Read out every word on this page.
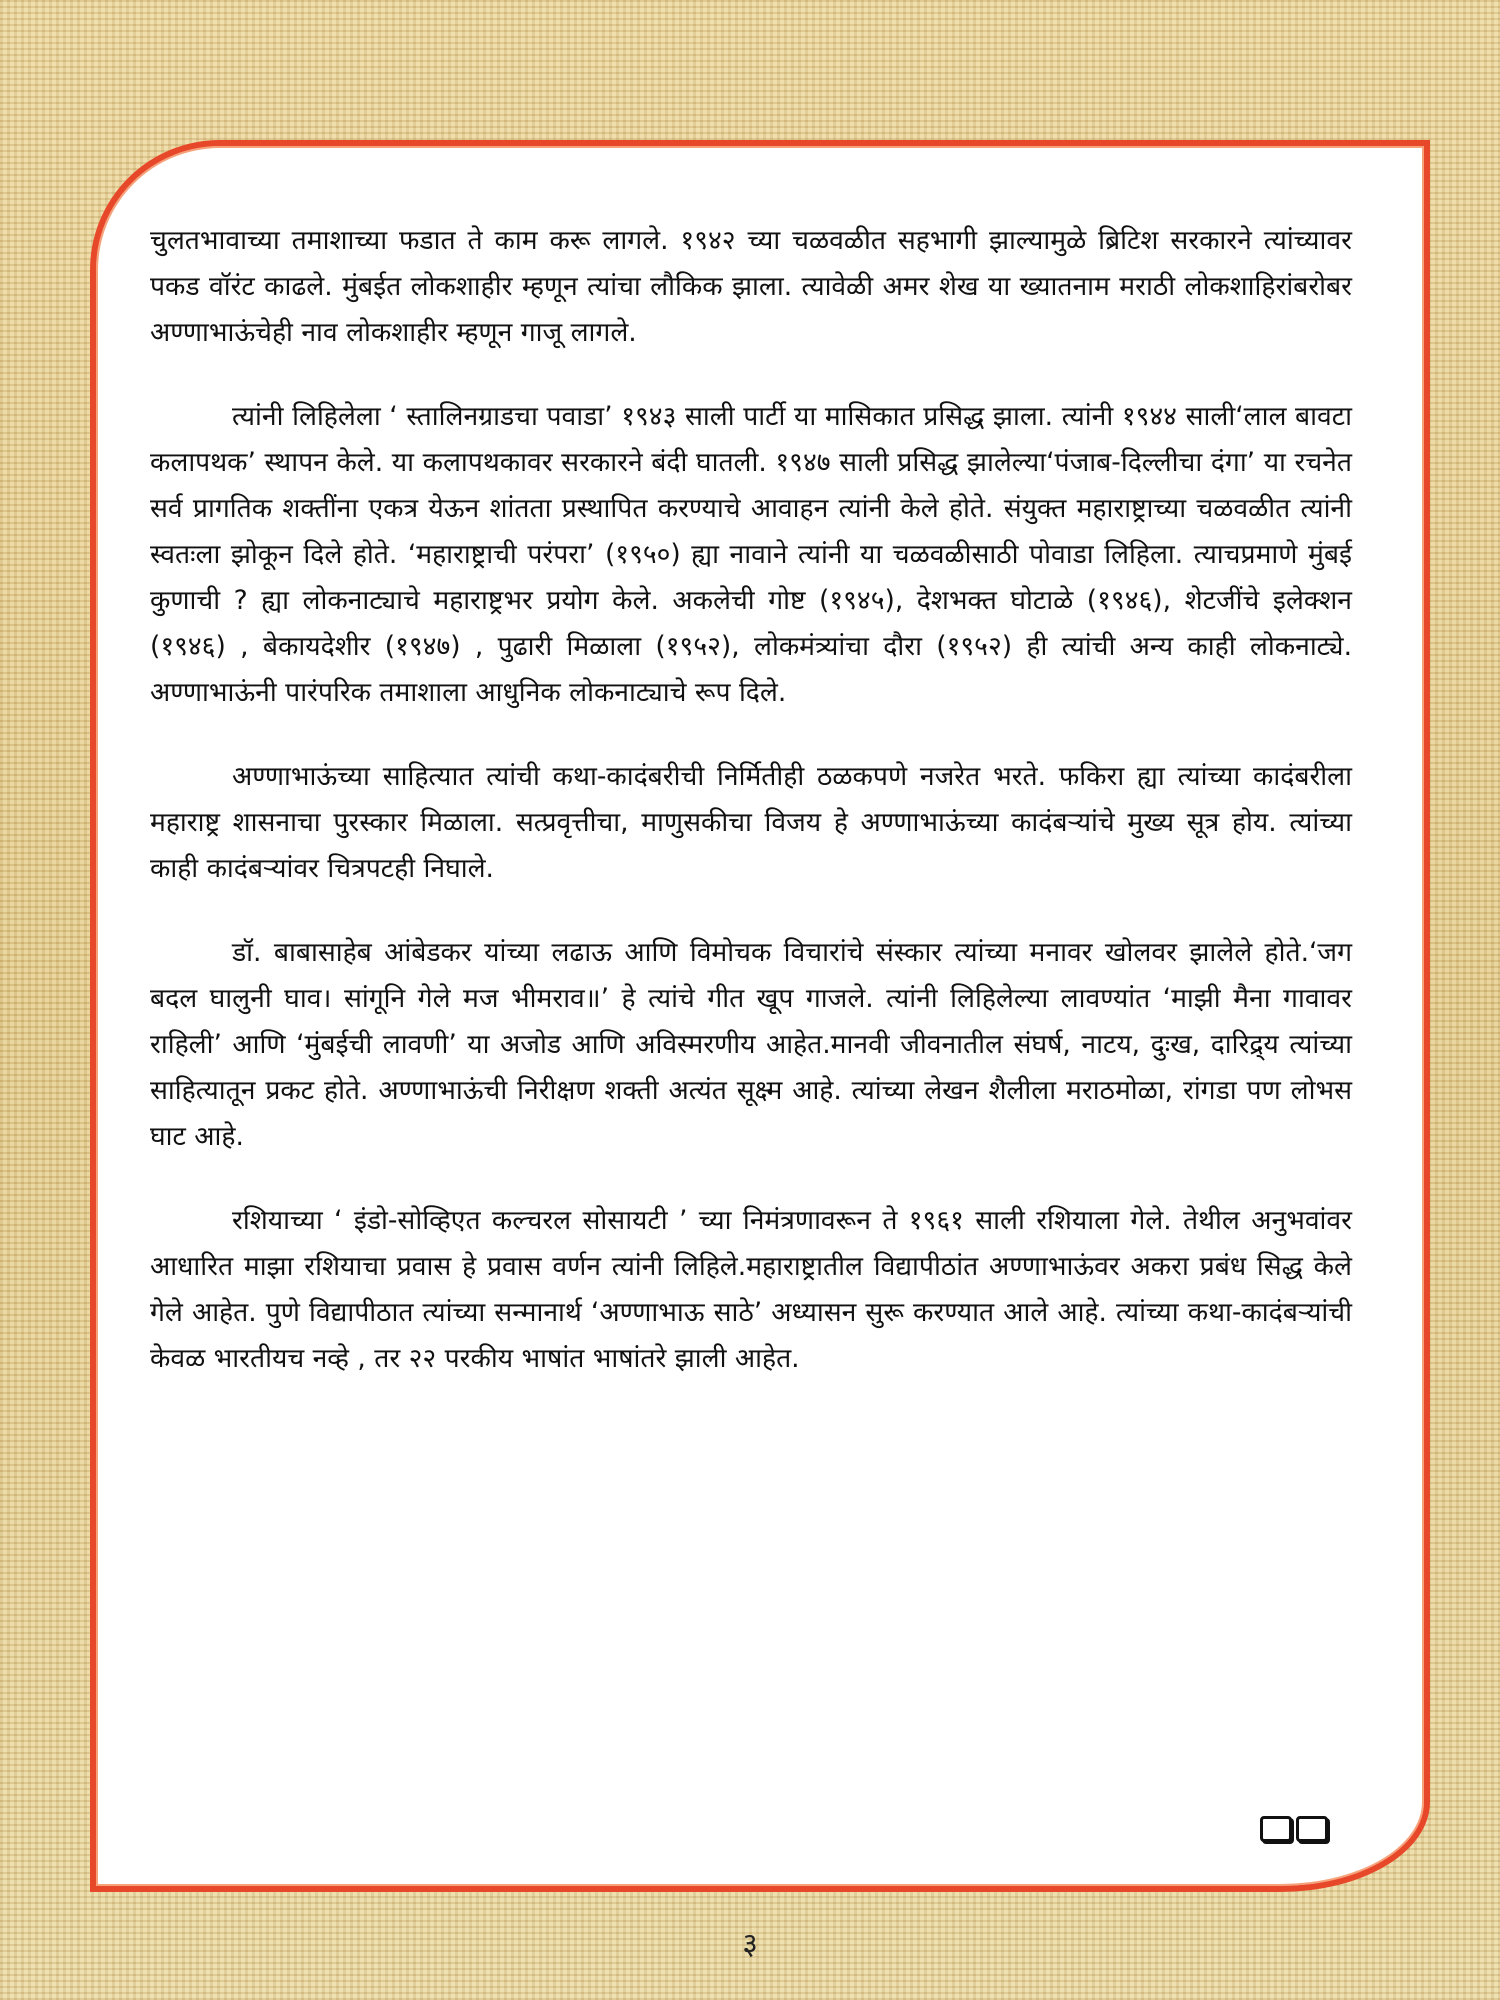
चुलतभावाच्या तमाशाच्या फडात ते काम करू लागले. १९४२ च्या चळवळीत सहभागी झाल्यामुळे ब्रिटिश सरकारने त्यांच्यावर पकड वॉरंट काढले. मुंबईत लोकशाहीर म्हणून त्यांचा लौकिक झाला. त्यावेळी अमर शेख या ख्यातनाम मराठी लोकशाहिरांबरोबर अण्णाभाऊंचेही नाव लोकशाहीर म्हणून गाजू लागले.

त्यांनी लिहिलेला ‘ स्तालिनग्राडचा पवाडा’ १९४३ साली पार्टी या मासिकात प्रसिद्ध झाला. त्यांनी १९४४ साली‘लाल बावटा कलापथक’ स्थापन केले. या कलापथकावर सरकारने बंदी घातली. १९४७ साली प्रसिद्ध झालेल्या‘पंजाब-दिल्लीचा दंगा’ या रचनेत सर्व प्रागतिक शक्तींना एकत्र येऊन शांतता प्रस्थापित करण्याचे आवाहन त्यांनी केले होते. संयुक्त महाराष्ट्राच्या चळवळीत त्यांनी स्वतःला झोकून दिले होते. ‘महाराष्ट्राची परंपरा’ (१९५०) ह्या नावाने त्यांनी या चळवळीसाठी पोवाडा लिहिला. त्याचप्रमाणे मुंबई कुणाची ? ह्या लोकनाट्याचे महाराष्ट्रभर प्रयोग केले. अकलेची गोष्ट (१९४५), देशभक्त घोटाळे (१९४६), शेटजींचे इलेक्शन (१९४६) , बेकायदेशीर (१९४७) , पुढारी मिळाला (१९५२), लोकमंत्र्यांचा दौरा (१९५२) ही त्यांची अन्य काही लोकनाट्ये. अण्णाभाऊंनी पारंपरिक तमाशाला आधुनिक लोकनाट्याचे रूप दिले.

अण्णाभाऊंच्या साहित्यात त्यांची कथा-कादंबरीची निर्मितीही ठळकपणे नजरेत भरते. फकिरा ह्या त्यांच्या कादंबरीला महाराष्ट्र शासनाचा पुरस्कार मिळाला. सत्प्रवृत्तीचा, माणुसकीचा विजय हे अण्णाभाऊंच्या कादंबऱ्यांचे मुख्य सूत्र होय. त्यांच्या काही कादंबऱ्यांवर चित्रपटही निघाले.

डॉ. बाबासाहेब आंबेडकर यांच्या लढाऊ आणि विमोचक विचारांचे संस्कार त्यांच्या मनावर खोलवर झालेले होते.‘जग बदल घालुनी घाव। सांगूनि गेले मज भीमराव॥’ हे त्यांचे गीत खूप गाजले. त्यांनी लिहिलेल्या लावण्यांत ‘माझी मैना गावावर राहिली’ आणि ‘मुंबईची लावणी’ या अजोड आणि अविस्मरणीय आहेत.मानवी जीवनातील संघर्ष, नाटय, दुःख, दारिद्र्य त्यांच्या साहित्यातून प्रकट होते. अण्णाभाऊंची निरीक्षण शक्ती अत्यंत सूक्ष्म आहे. त्यांच्या लेखन शैलीला मराठमोळा, रांगडा पण लोभस घाट आहे.

रशियाच्या ‘ इंडो-सोव्हिएत कल्चरल सोसायटी ’ च्या निमंत्रणावरून ते १९६१ साली रशियाला गेले. तेथील अनुभवांवर आधारित माझा रशियाचा प्रवास हे प्रवास वर्णन त्यांनी लिहिले.महाराष्ट्रातील विद्यापीठांत अण्णाभाऊंवर अकरा प्रबंध सिद्ध केले गेले आहेत. पुणे विद्यापीठात त्यांच्या सन्मानार्थ ‘अण्णाभाऊ साठे’ अध्यासन सुरू करण्यात आले आहे. त्यांच्या कथा-कादंबऱ्यांची केवळ भारतीयच नव्हे , तर २२ परकीय भाषांत भाषांतरे झाली आहेत.

३
